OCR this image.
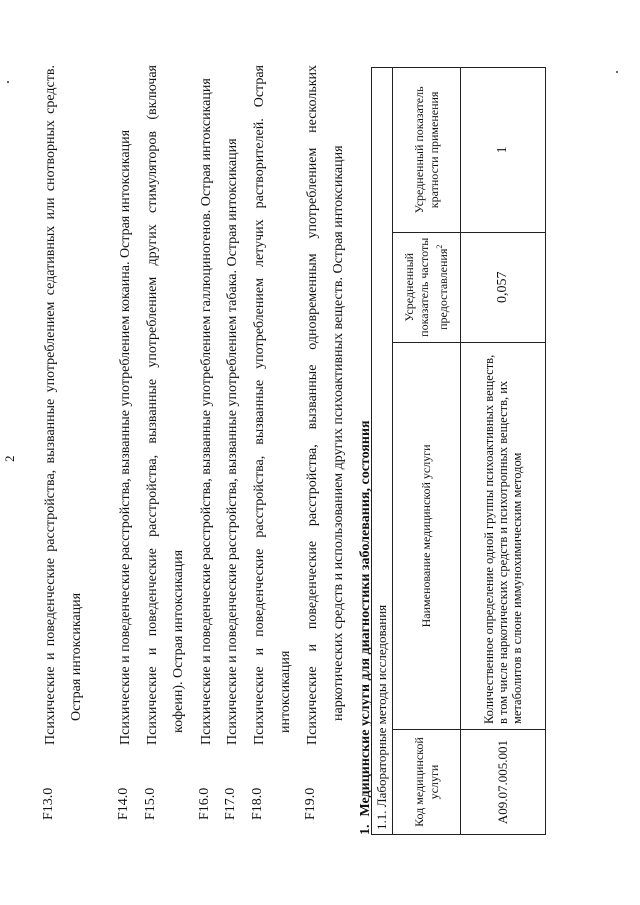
2
F13.0
Психические и поведенческие расстройства, вызванные употреблением седативных или снотворных средств. Острая интоксикация
F14.0
Психические и поведенческие расстройства, вызванные употреблением кокаина. Острая интоксикация
F15.0
Психические и поведенческие расстройства, вызванные употреблением других стимуляторов (включая кофеин). Острая интоксикация
F16.0
Психические и поведенческие расстройства, вызванные употреблением галлюциногенов. Острая интоксикация
F17.0
Психические и поведенческие расстройства, вызванные употреблением табака. Острая интоксикация
F18.0
Психические и поведенческие расстройства, вызванные употреблением летучих растворителей. Острая интоксикация
F19.0
Психические и поведенческие расстройства, вызванные одновременным употреблением нескольких наркотических средств и использованием других психоактивных веществ. Острая интоксикация
1.Медицинские услуги для диагностики заболевания, состояния 1.1. Лабораторные методы исследования			
Код медицинской услуги	Наименование медицинской услуги	Усредненный показатель частоты предоставления$^2$	Усредненный показатель кратности применения
A09.07.005.001	Количественное определение одной группы психоактивных веществ, в том числе наркотических средств и психотропных веществ, их метаболитов в слюне иммунохимическим методом	0,057	1
